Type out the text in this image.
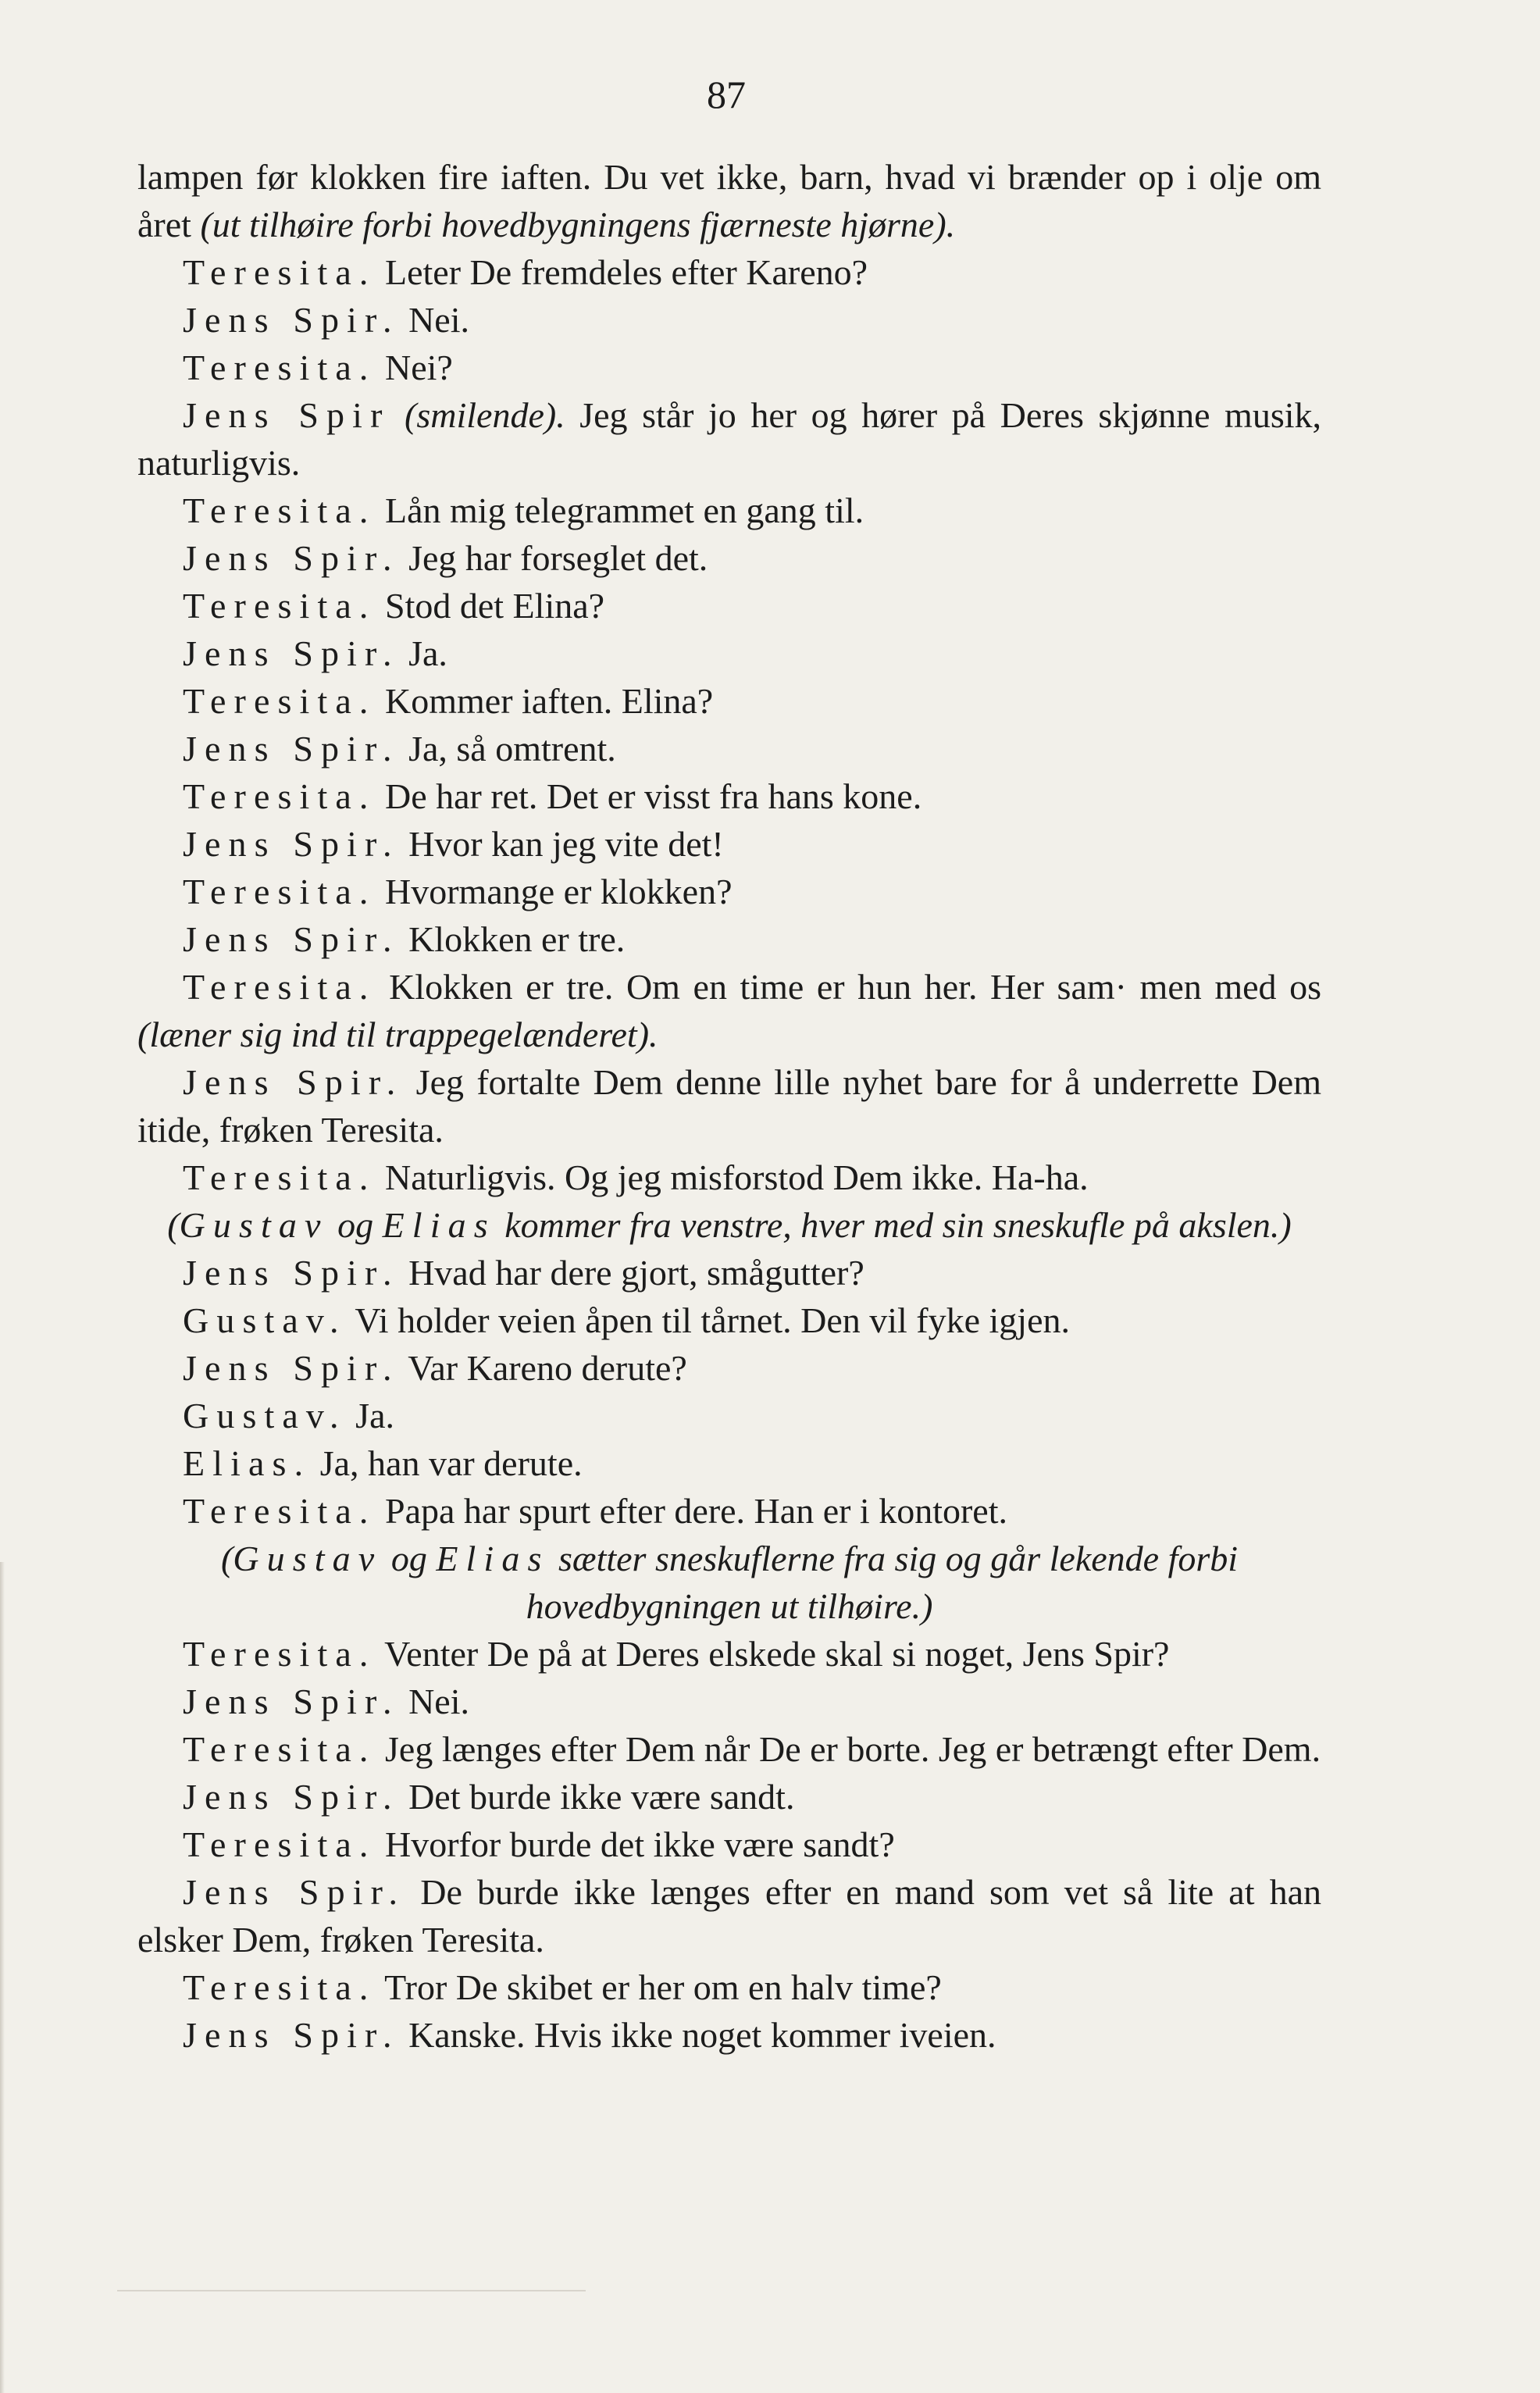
87

lampen før klokken fire iaften. Du vet ikke, barn, hvad vi brænder op i olje om året (ut tilhøire forbi hovedbygningens fjærneste hjørne).

Teresita. Leter De fremdeles efter Kareno?

Jens Spir. Nei.

Teresita. Nei?

Jens Spir (smilende). Jeg står jo her og hører på Deres skjønne musik, naturligvis.

Teresita. Lån mig telegrammet en gang til.

Jens Spir. Jeg har forseglet det.

Teresita. Stod det Elina?

Jens Spir. Ja.

Teresita. Kommer iaften. Elina?

Jens Spir. Ja, så omtrent.

Teresita. De har ret. Det er visst fra hans kone.

Jens Spir. Hvor kan jeg vite det!

Teresita. Hvormange er klokken?

Jens Spir. Klokken er tre.

Teresita. Klokken er tre. Om en time er hun her. Her sam· men med os (læner sig ind til trappegelænderet).

Jens Spir. Jeg fortalte Dem denne lille nyhet bare for å underrette Dem itide, frøken Teresita.

Teresita. Naturligvis. Og jeg misforstod Dem ikke. Ha-ha.

(Gustav og Elias kommer fra venstre, hver med sin sneskufle på akslen.)

Jens Spir. Hvad har dere gjort, smågutter?

Gustav. Vi holder veien åpen til tårnet. Den vil fyke igjen.

Jens Spir. Var Kareno derute?

Gustav. Ja.

Elias. Ja, han var derute.

Teresita. Papa har spurt efter dere. Han er i kontoret.

(Gustav og Elias sætter sneskuflerne fra sig og går lekende forbi hovedbygningen ut tilhøire.)

Teresita. Venter De på at Deres elskede skal si noget, Jens Spir?

Jens Spir. Nei.

Teresita. Jeg længes efter Dem når De er borte. Jeg er betrængt efter Dem.

Jens Spir. Det burde ikke være sandt.

Teresita. Hvorfor burde det ikke være sandt?

Jens Spir. De burde ikke længes efter en mand som vet så lite at han elsker Dem, frøken Teresita.

Teresita. Tror De skibet er her om en halv time?

Jens Spir. Kanske. Hvis ikke noget kommer iveien.
